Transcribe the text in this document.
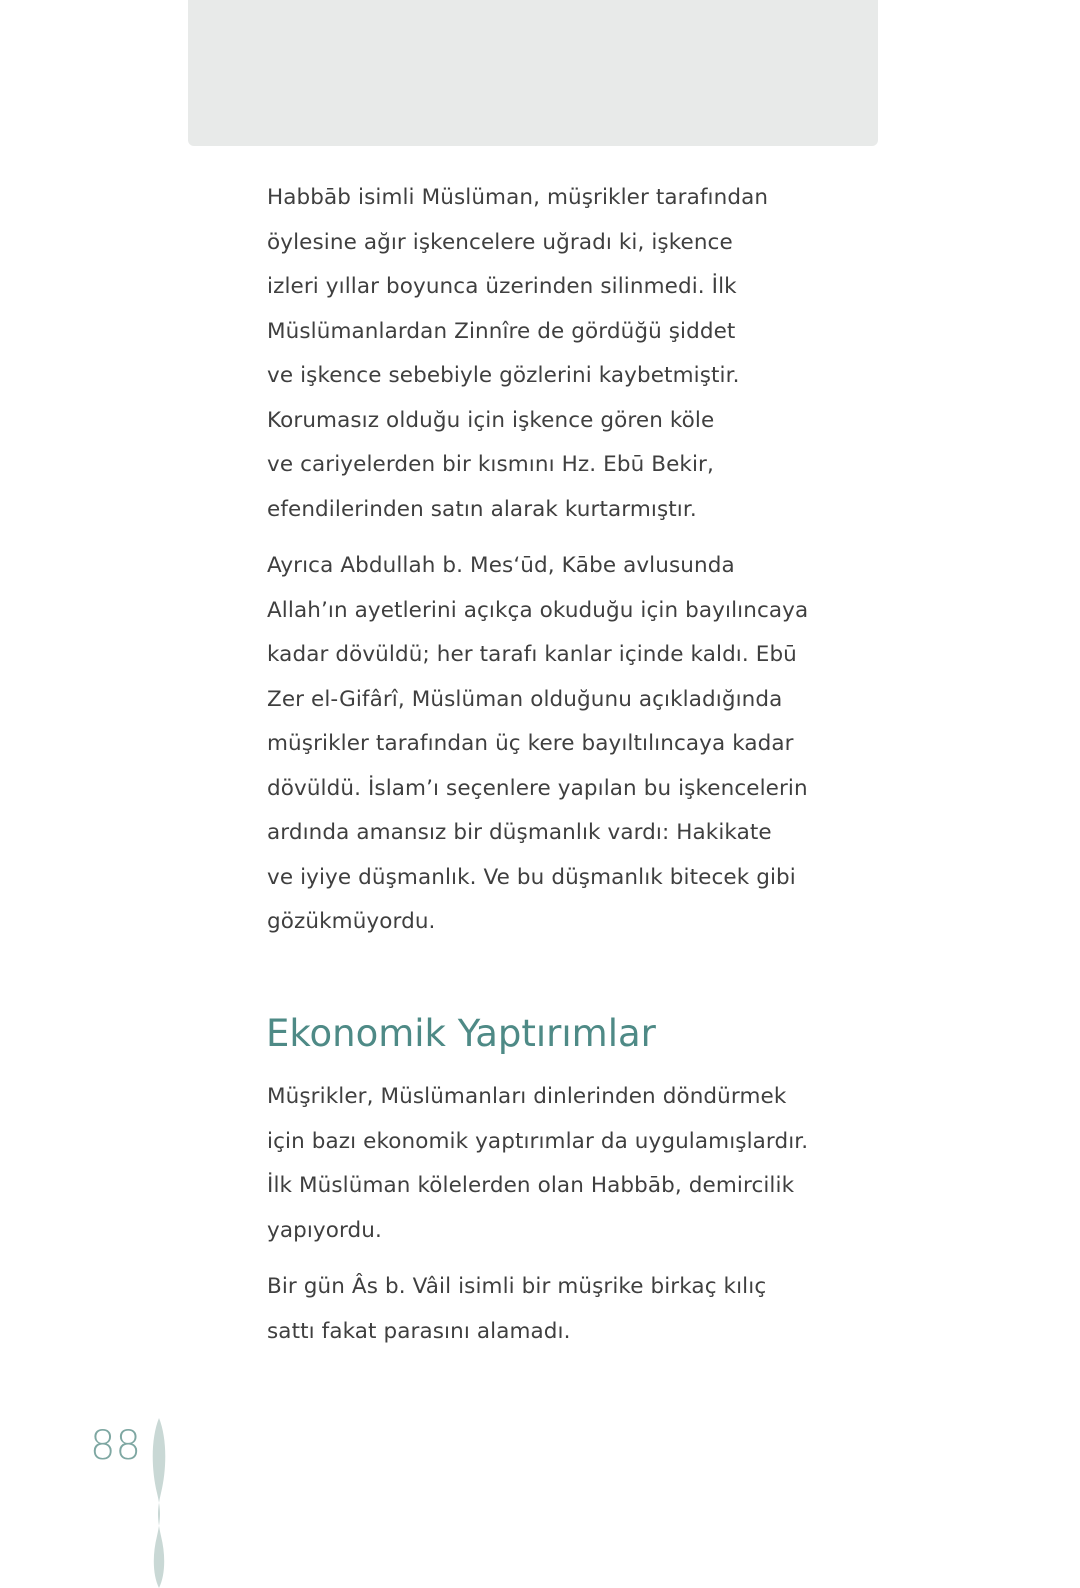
Habbāb isimli Müslüman, müşrikler tarafından
öylesine ağır işkencelere uğradı ki, işkence
izleri yıllar boyunca üzerinden silinmedi. İlk
Müslümanlardan Zinnîre de gördüğü şiddet
ve işkence sebebiyle gözlerini kaybetmiştir.
Korumasız olduğu için işkence gören köle
ve cariyelerden bir kısmını Hz. Ebū Bekir,
efendilerinden satın alarak kurtarmıştır.

Ayrıca Abdullah b. Mes‘ūd, Kābe avlusunda
Allah’ın ayetlerini açıkça okuduğu için bayılıncaya
kadar dövüldü; her tarafı kanlar içinde kaldı. Ebū
Zer el-Gifârî, Müslüman olduğunu açıkladığında
müşrikler tarafından üç kere bayıltılıncaya kadar
dövüldü. İslam’ı seçenlere yapılan bu işkencelerin
ardında amansız bir düşmanlık vardı: Hakikate
ve iyiye düşmanlık. Ve bu düşmanlık bitecek gibi
gözükmüyordu.

Ekonomik Yaptırımlar

Müşrikler, Müslümanları dinlerinden döndürmek
için bazı ekonomik yaptırımlar da uygulamışlardır.
İlk Müslüman kölelerden olan Habbāb, demircilik
yapıyordu.

Bir gün Âs b. Vâil isimli bir müşrike birkaç kılıç
sattı fakat parasını alamadı.

88
